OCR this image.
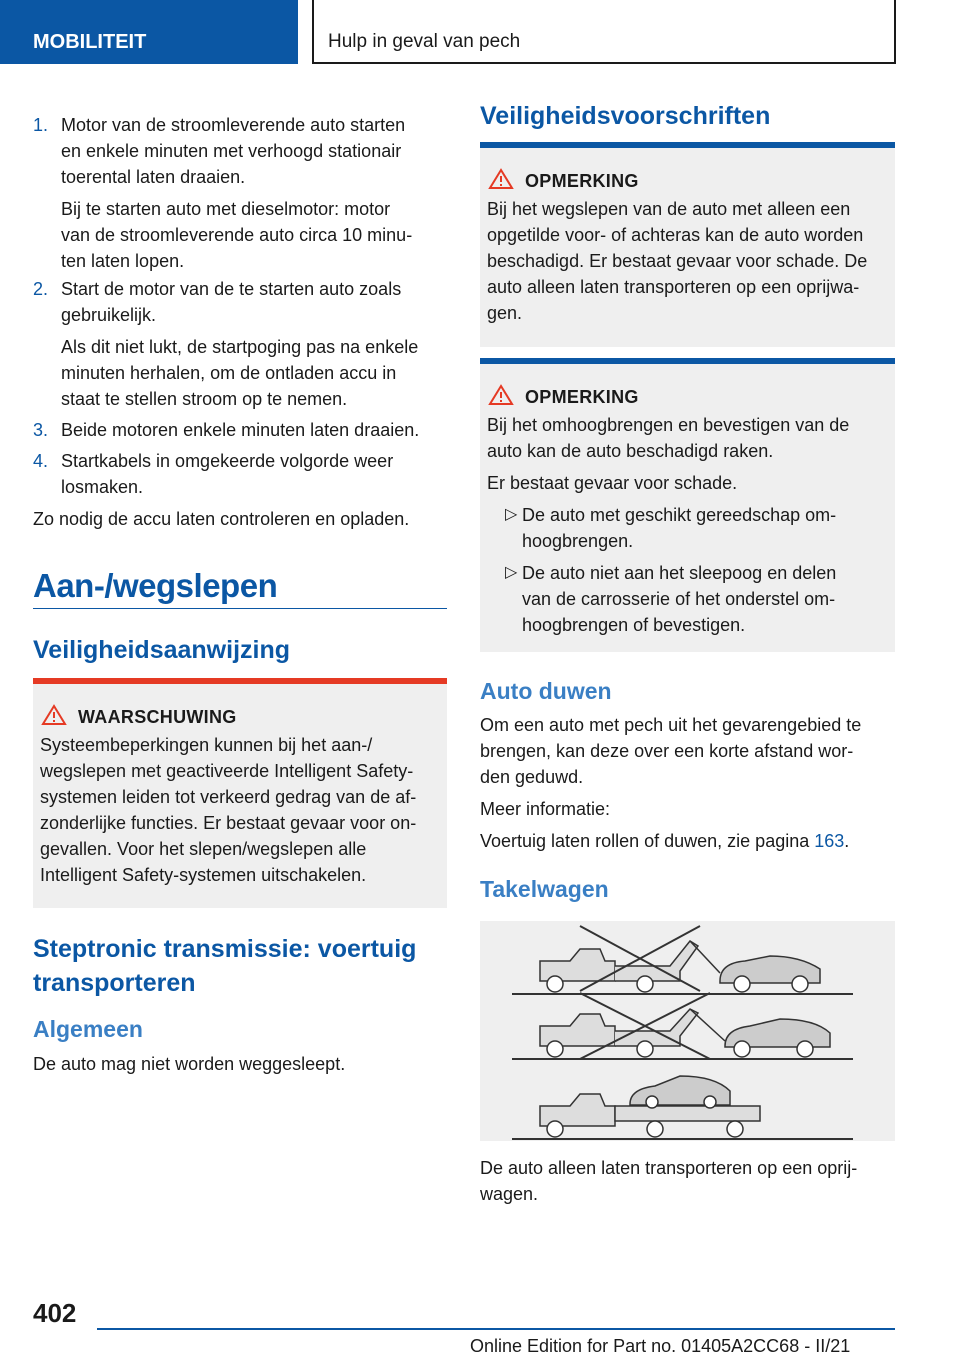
MOBILITEIT	Hulp in geval van pech
1. Motor van de stroomleverende auto starten
en enkele minuten met verhoogd stationair
toerental laten draaien.
Bij te starten auto met dieselmotor: motor
van de stroomleverende auto circa 10 minu-
ten laten lopen.
2. Start de motor van de te starten auto zoals
gebruikelijk.
Als dit niet lukt, de startpoging pas na enkele
minuten herhalen, om de ontladen accu in
staat te stellen stroom op te nemen.
3. Beide motoren enkele minuten laten draaien.
4. Startkabels in omgekeerde volgorde weer
losmaken.
Zo nodig de accu laten controleren en opladen.
Aan-/wegslepen
Veiligheidsaanwijzing
WAARSCHUWING
Systeembeperkingen kunnen bij het aan-/
wegslepen met geactiveerde Intelligent Safety-
systemen leiden tot verkeerd gedrag van de af-
zonderlijke functies. Er bestaat gevaar voor on-
gevallen. Voor het slepen/wegslepen alle
Intelligent Safety-systemen uitschakelen.
Steptronic transmissie: voertuig
transporteren
Algemeen
De auto mag niet worden weggesleept.
Veiligheidsvoorschriften
OPMERKING
Bij het wegslepen van de auto met alleen een
opgetilde voor- of achteras kan de auto worden
beschadigd. Er bestaat gevaar voor schade. De
auto alleen laten transporteren op een oprijwa-
gen.
OPMERKING
Bij het omhoogbrengen en bevestigen van de
auto kan de auto beschadigd raken.
Er bestaat gevaar voor schade.
▷ De auto met geschikt gereedschap om-
hoogbrengen.
▷ De auto niet aan het sleepoog en delen
van de carrosserie of het onderstel om-
hoogbrengen of bevestigen.
Auto duwen
Om een auto met pech uit het gevarengebied te
brengen, kan deze over een korte afstand wor-
den geduwd.
Meer informatie:
Voertuig laten rollen of duwen, zie pagina 163.
Takelwagen
De auto alleen laten transporteren op een oprij-
wagen.
402
Online Edition for Part no. 01405A2CC68 - II/21
